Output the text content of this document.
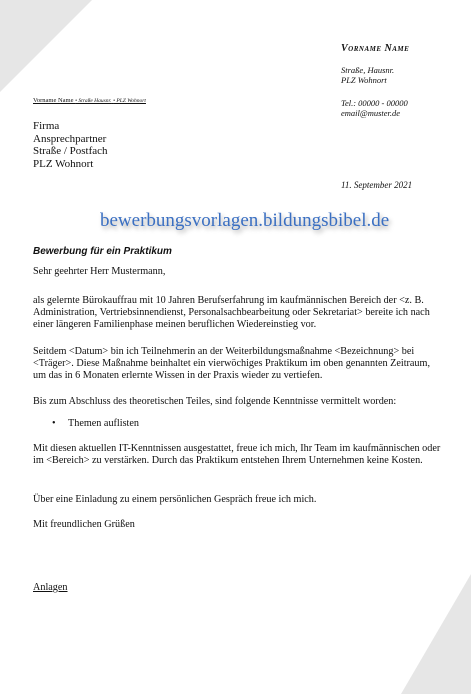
Vorname Name
Straße, Hausnr.
PLZ Wohnort
Tel.: 00000 - 00000
email@muster.de
Vorname Name • Straße Hausnr. • PLZ Wohnort
Firma
Ansprechpartner
Straße / Postfach
PLZ Wohnort
11. September 2021
bewerbungsvorlagen.bildungsbibel.de
Bewerbung für ein Praktikum
Sehr geehrter Herr Mustermann,
als gelernte Bürokauffrau mit 10 Jahren Berufserfahrung im kaufmännischen Bereich der <z. B. Administration, Vertriebsinnendienst, Personalsachbearbeitung oder Sekretariat> bereite ich nach einer längeren Familienphase meinen beruflichen Wiedereinstieg vor.
Seitdem <Datum> bin ich Teilnehmerin an der Weiterbildungsmaßnahme <Bezeichnung> bei <Träger>. Diese Maßnahme beinhaltet ein vierwöchiges Praktikum im oben genannten Zeitraum, um das in 6 Monaten erlernte Wissen in der Praxis wieder zu vertiefen.
Bis zum Abschluss des theoretischen Teiles, sind folgende Kenntnisse vermittelt worden:
• Themen auflisten
Mit diesen aktuellen IT-Kenntnissen ausgestattet, freue ich mich, Ihr Team im kaufmännischen oder im <Bereich> zu verstärken. Durch das Praktikum entstehen Ihrem Unternehmen keine Kosten.
Über eine Einladung zu einem persönlichen Gespräch freue ich mich.
Mit freundlichen Grüßen
Anlagen
